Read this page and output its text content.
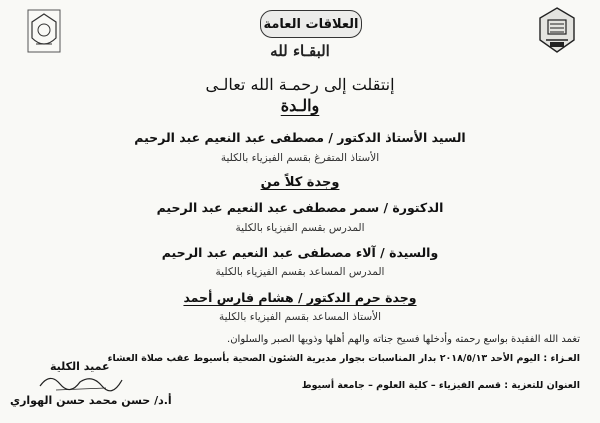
العلاقات العامة
البقـاء لله
إنتقلت إلى رحمـة الله تعالـى
والـدة
السيد الأستاذ الدكتور / مصطفى عبد النعيم عبد الرحيم
الأستاذ المتفرغ بقسم الفيزياء بالكلية
وجدة كلاً من
الدكتورة / سمر مصطفى عبد النعيم عبد الرحيم
المدرس بقسم الفيزياء بالكلية
والسيدة / آلاء مصطفى عبد النعيم عبد الرحيم
المدرس المساعد بقسم الفيزياء بالكلية
وجدة حرم الدكتور / هشام فارس أحمد
الأستاذ المساعد بقسم الفيزياء بالكلية
تغمد الله الفقيدة بواسع رحمته وأدخلها فسيح جناته والهم أهلها وذويها الصبر والسلوان.
العـزاء : اليوم الأحد ٢٠١٨/٥/١٣ بدار المناسبات بجوار مديرية الشئون الصحية بأسيوط عقب صلاة العشاء
العنوان للتعزية : قسم الفيزياء – كلية العلوم – جامعة أسيوط
عميد الكلية
أ.د/ حسن محمد حسن الهواري
